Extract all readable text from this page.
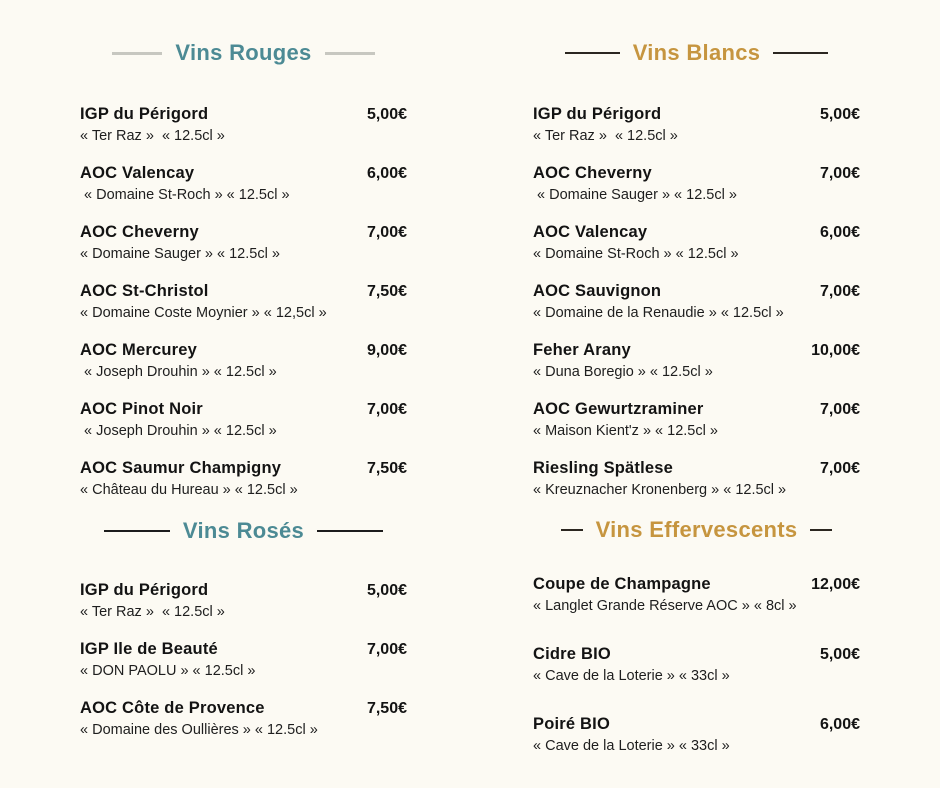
Vins Rouges
IGP du Périgord	5,00€
« Ter Raz »  « 12.5cl »
AOC Valencay	6,00€
« Domaine St-Roch » « 12.5cl »
AOC Cheverny	7,00€
« Domaine Sauger » « 12.5cl »
AOC St-Christol	7,50€
« Domaine Coste Moynier » « 12,5cl »
AOC Mercurey	9,00€
« Joseph Drouhin » « 12.5cl »
AOC Pinot Noir	7,00€
« Joseph Drouhin » « 12.5cl »
AOC Saumur Champigny	7,50€
« Château du Hureau » « 12.5cl »
Vins Rosés
IGP du Périgord	5,00€
« Ter Raz »  « 12.5cl »
IGP Ile de Beauté	7,00€
« DON PAOLU » « 12.5cl »
AOC Côte de Provence	7,50€
« Domaine des Oullières » « 12.5cl »
Vins Blancs
IGP du Périgord	5,00€
« Ter Raz »  « 12.5cl »
AOC Cheverny	7,00€
« Domaine Sauger » « 12.5cl »
AOC Valencay	6,00€
« Domaine St-Roch » « 12.5cl »
AOC Sauvignon	7,00€
« Domaine de la Renaudie » « 12.5cl »
Feher Arany	10,00€
« Duna Boregio » « 12.5cl »
AOC Gewurtzraminer	7,00€
« Maison Kient'z » « 12.5cl »
Riesling Spätlese	7,00€
« Kreuznacher Kronenberg » « 12.5cl »
Vins Effervescents
Coupe de Champagne	12,00€
« Langlet Grande Réserve AOC » « 8cl »
Cidre BIO	5,00€
« Cave de la Loterie » « 33cl »
Poiré BIO	6,00€
« Cave de la Loterie » « 33cl »
